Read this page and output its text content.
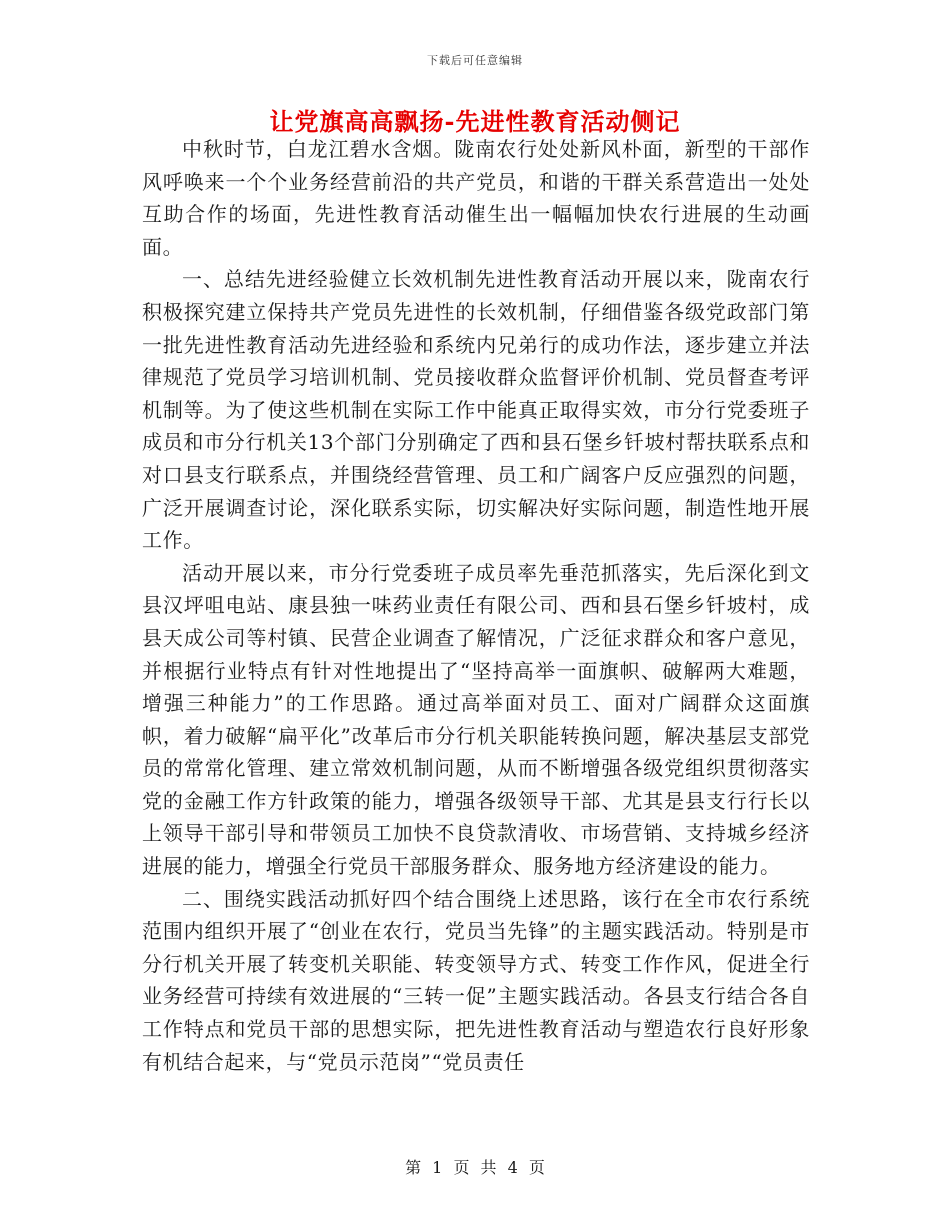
下载后可任意编辑
让党旗高高飘扬-先进性教育活动侧记

中秋时节，白龙江碧水含烟。陇南农行处处新风朴面，新型的干部作风呼唤来一个个业务经营前沿的共产党员，和谐的干群关系营造出一处处互助合作的场面，先进性教育活动催生出一幅幅加快农行进展的生动画面。

一、总结先进经验健立长效机制先进性教育活动开展以来，陇南农行积极探究建立保持共产党员先进性的长效机制，仔细借鉴各级党政部门第一批先进性教育活动先进经验和系统内兄弟行的成功作法，逐步建立并法律规范了党员学习培训机制、党员接收群众监督评价机制、党员督查考评机制等。为了使这些机制在实际工作中能真正取得实效，市分行党委班子成员和市分行机关13个部门分别确定了西和县石堡乡钎坡村帮扶联系点和对口县支行联系点，并围绕经营管理、员工和广阔客户反应强烈的问题，广泛开展调查讨论，深化联系实际，切实解决好实际问题，制造性地开展工作。

活动开展以来，市分行党委班子成员率先垂范抓落实，先后深化到文县汉坪咀电站、康县独一味药业责任有限公司、西和县石堡乡钎坡村，成县天成公司等村镇、民营企业调查了解情况，广泛征求群众和客户意见，并根据行业特点有针对性地提出了“坚持高举一面旗帜、破解两大难题，增强三种能力”的工作思路。通过高举面对员工、面对广阔群众这面旗帜，着力破解“扁平化”改革后市分行机关职能转换问题，解决基层支部党员的常常化管理、建立常效机制问题，从而不断增强各级党组织贯彻落实党的金融工作方针政策的能力，增强各级领导干部、尤其是县支行行长以上领导干部引导和带领员工加快不良贷款清收、市场营销、支持城乡经济进展的能力，增强全行党员干部服务群众、服务地方经济建设的能力。

二、围绕实践活动抓好四个结合围绕上述思路，该行在全市农行系统范围内组织开展了“创业在农行，党员当先锋”的主题实践活动。特别是市分行机关开展了转变机关职能、转变领导方式、转变工作作风，促进全行业务经营可持续有效进展的“三转一促”主题实践活动。各县支行结合各自工作特点和党员干部的思想实际，把先进性教育活动与塑造农行良好形象有机结合起来，与“党员示范岗”“党员责任

第 1 页 共 4 页
